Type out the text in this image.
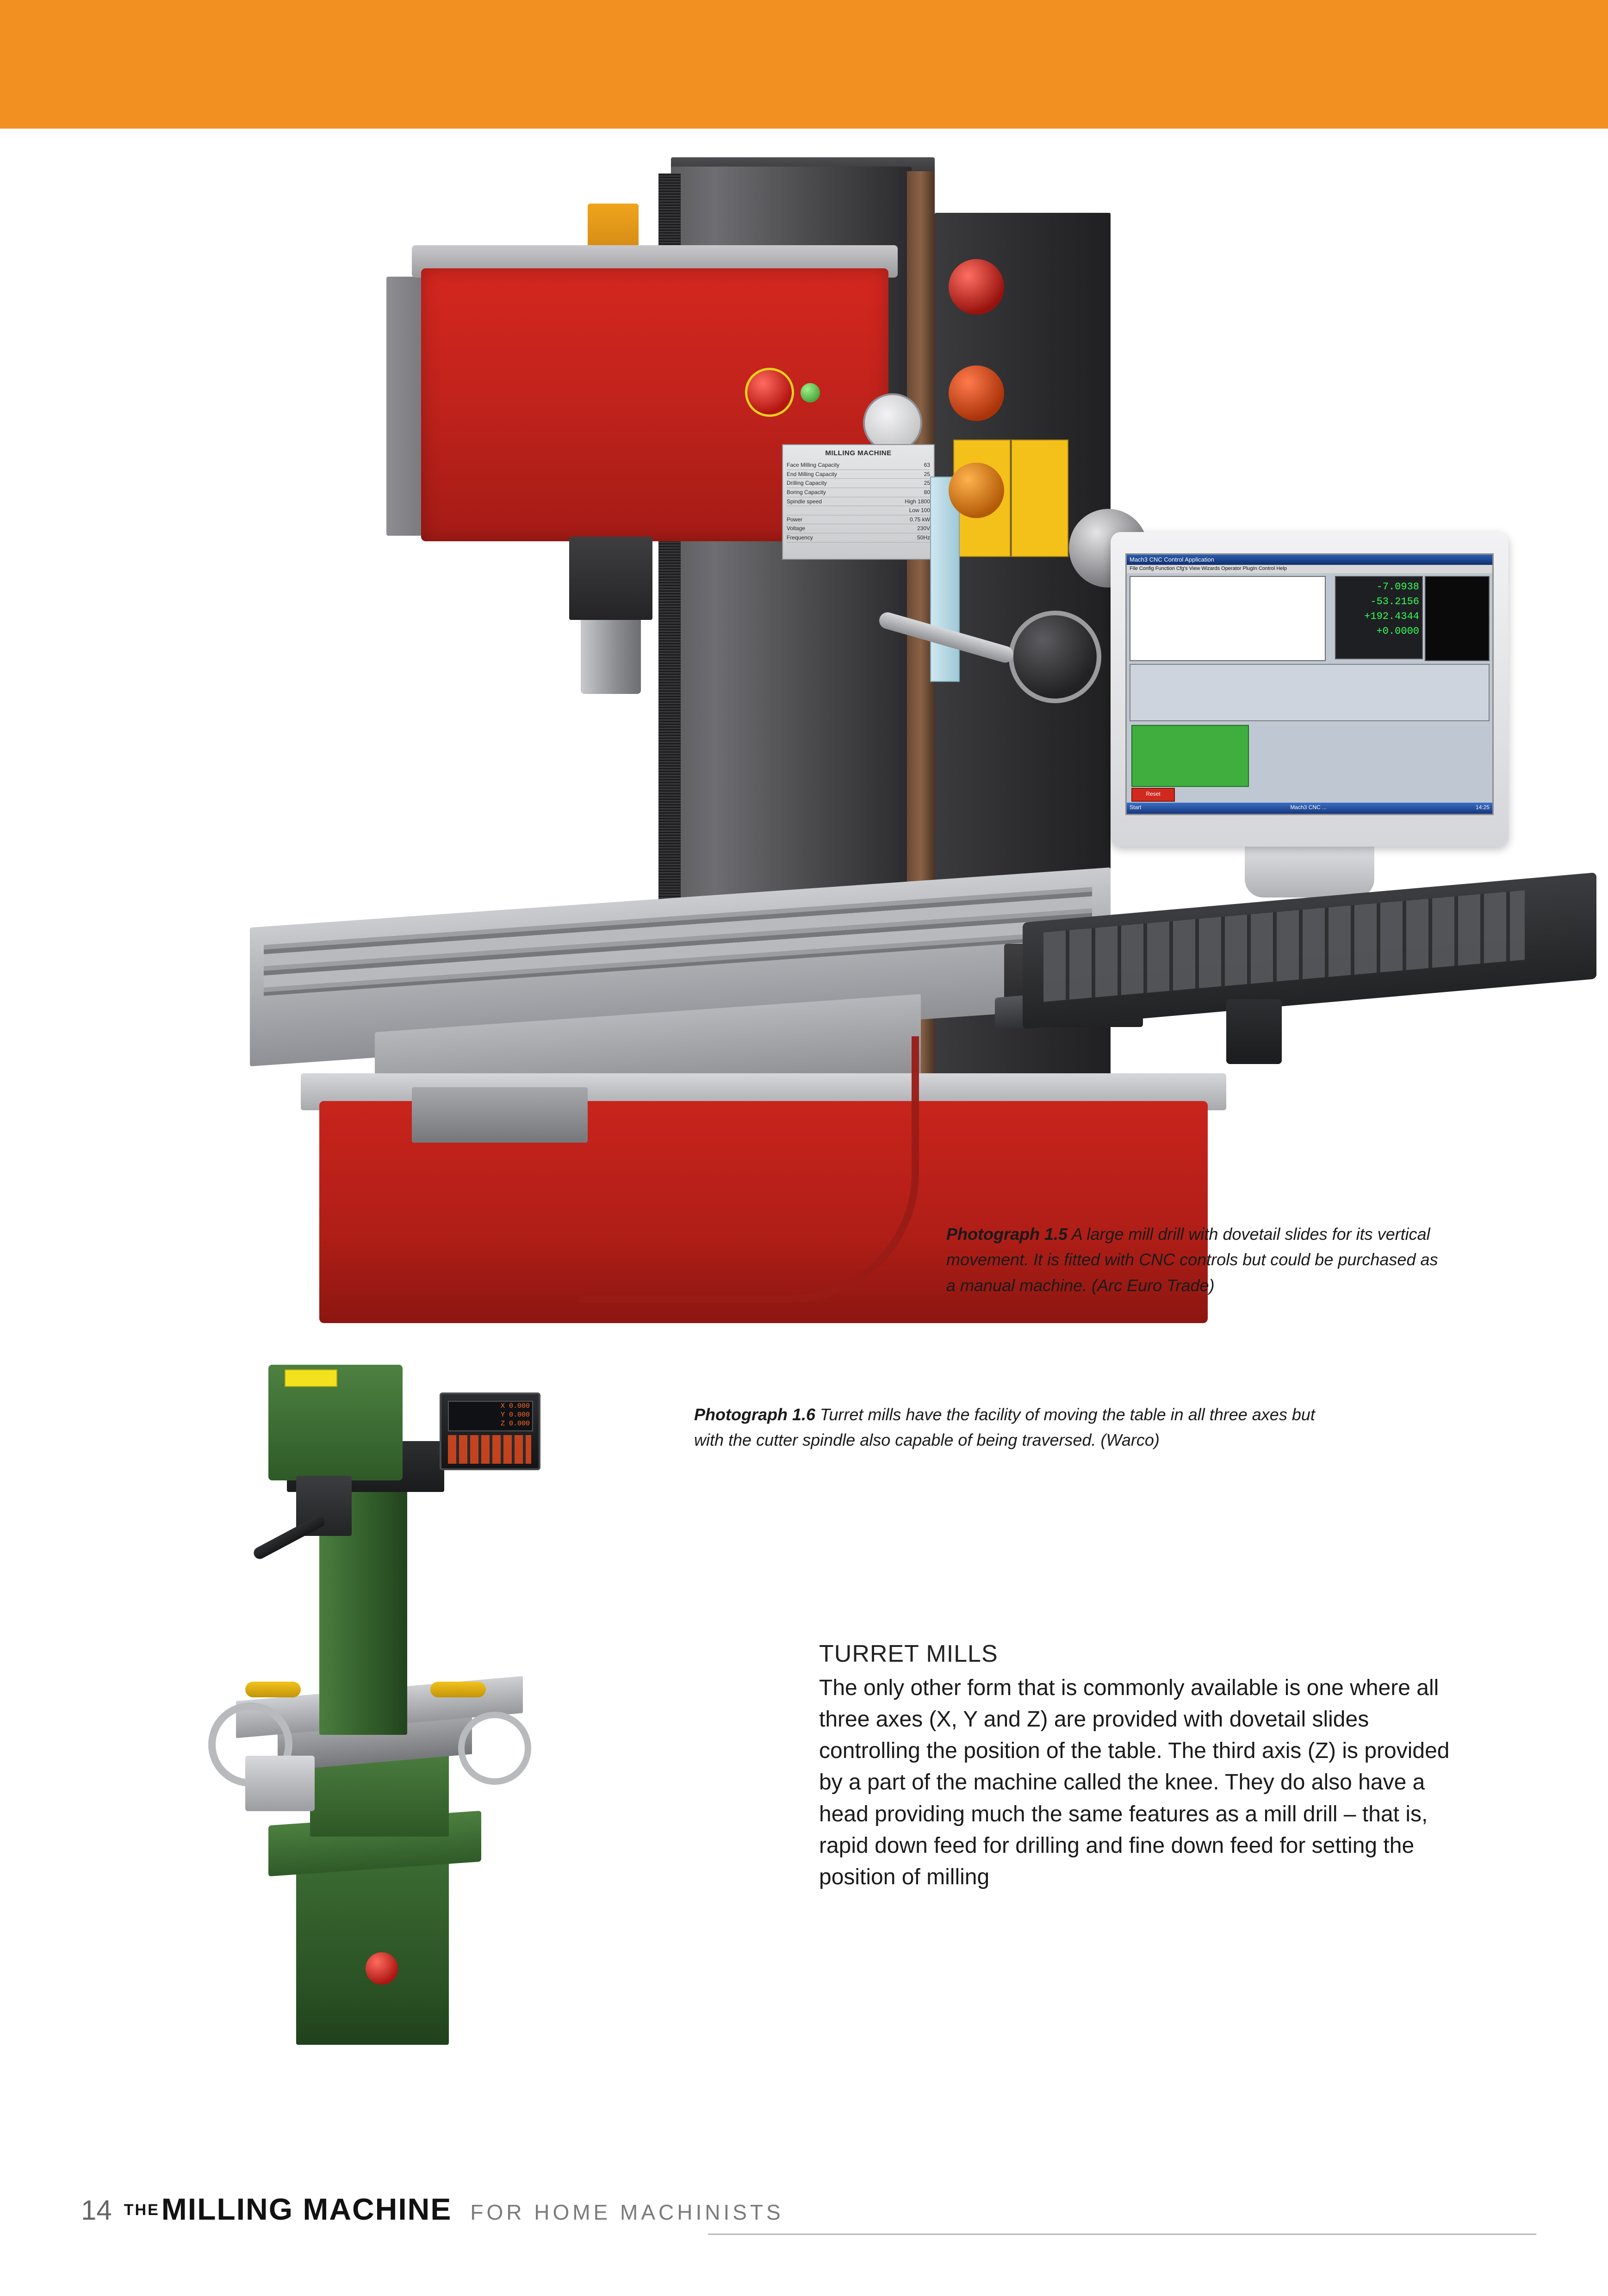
MILLING MACHINE
Face Milling Capacity	63
End Milling Capacity	25
Drilling Capacity	25
Boring Capacity	80
Spindle speed	High 1800
Low 100
Power	0.75 kW
Voltage	230V
Frequency	50Hz
Mach3 CNC Control Application
File Config Function Cfg's View Wizards Operator PlugIn Control Help
-7.0938
-53.2156
+192.4344
+0.0000
Reset
Start	Mach3 CNC ...	14:25
Photograph 1.5 A large mill drill with dovetail slides for its vertical movement. It is fitted with CNC controls but could be purchased as a manual machine. (Arc Euro Trade)
Photograph 1.6 Turret mills have the facility of moving the table in all three axes but with the cutter spindle also capable of being traversed. (Warco)
X 0.000
Y 0.000
Z 0.000
TURRET MILLS

The only other form that is commonly available is one where all three axes (X, Y and Z) are provided with dovetail slides controlling the position of the table. The third axis (Z) is provided by a part of the machine called the knee. They do also have a head providing much the same features as a mill drill – that is, rapid down feed for drilling and fine down feed for setting the position of milling

14 THE MILLING MACHINE FOR HOME MACHINISTS
